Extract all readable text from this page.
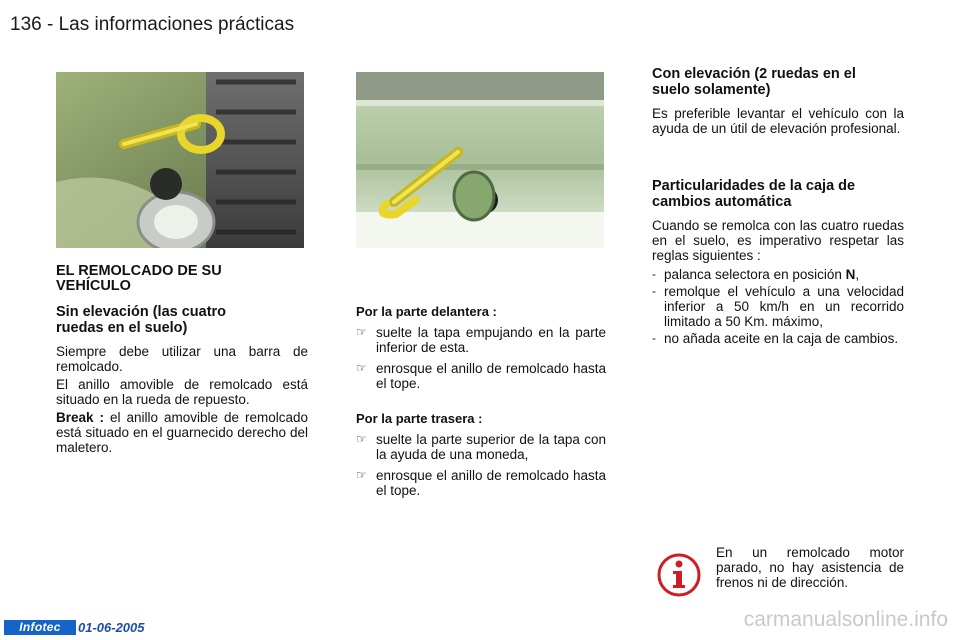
136 - Las informaciones prácticas
EL REMOLCADO DE SU VEHÍCULO
Sin elevación (las cuatro ruedas en el suelo)

Siempre debe utilizar una barra de remolcado.

El anillo amovible de remolcado está situado en la rueda de repuesto.

Break : el anillo amovible de remolcado está situado en el guarnecido derecho del maletero.

Por la parte delantera :
☞ suelte la tapa empujando en la parte inferior de esta.
☞ enrosque el anillo de remolcado hasta el tope.
Por la parte trasera :
☞ suelte la parte superior de la tapa con la ayuda de una moneda,
☞ enrosque el anillo de remolcado hasta el tope.
Con elevación (2 ruedas en el suelo solamente)

Es preferible levantar el vehículo con la ayuda de un útil de elevación profesional.

Particularidades de la caja de cambios automática

Cuando se remolca con las cuatro ruedas en el suelo, es imperativo respetar las reglas siguientes :

- palanca selectora en posición N,
- remolque el vehículo a una velocidad inferior a 50 km/h en un recorrido limitado a 50 Km. máximo,
- no añada aceite en la caja de cambios.
En un remolcado motor parado, no hay asistencia de frenos ni de dirección.
Infotec	01-06-2005	carmanualsonline.info
